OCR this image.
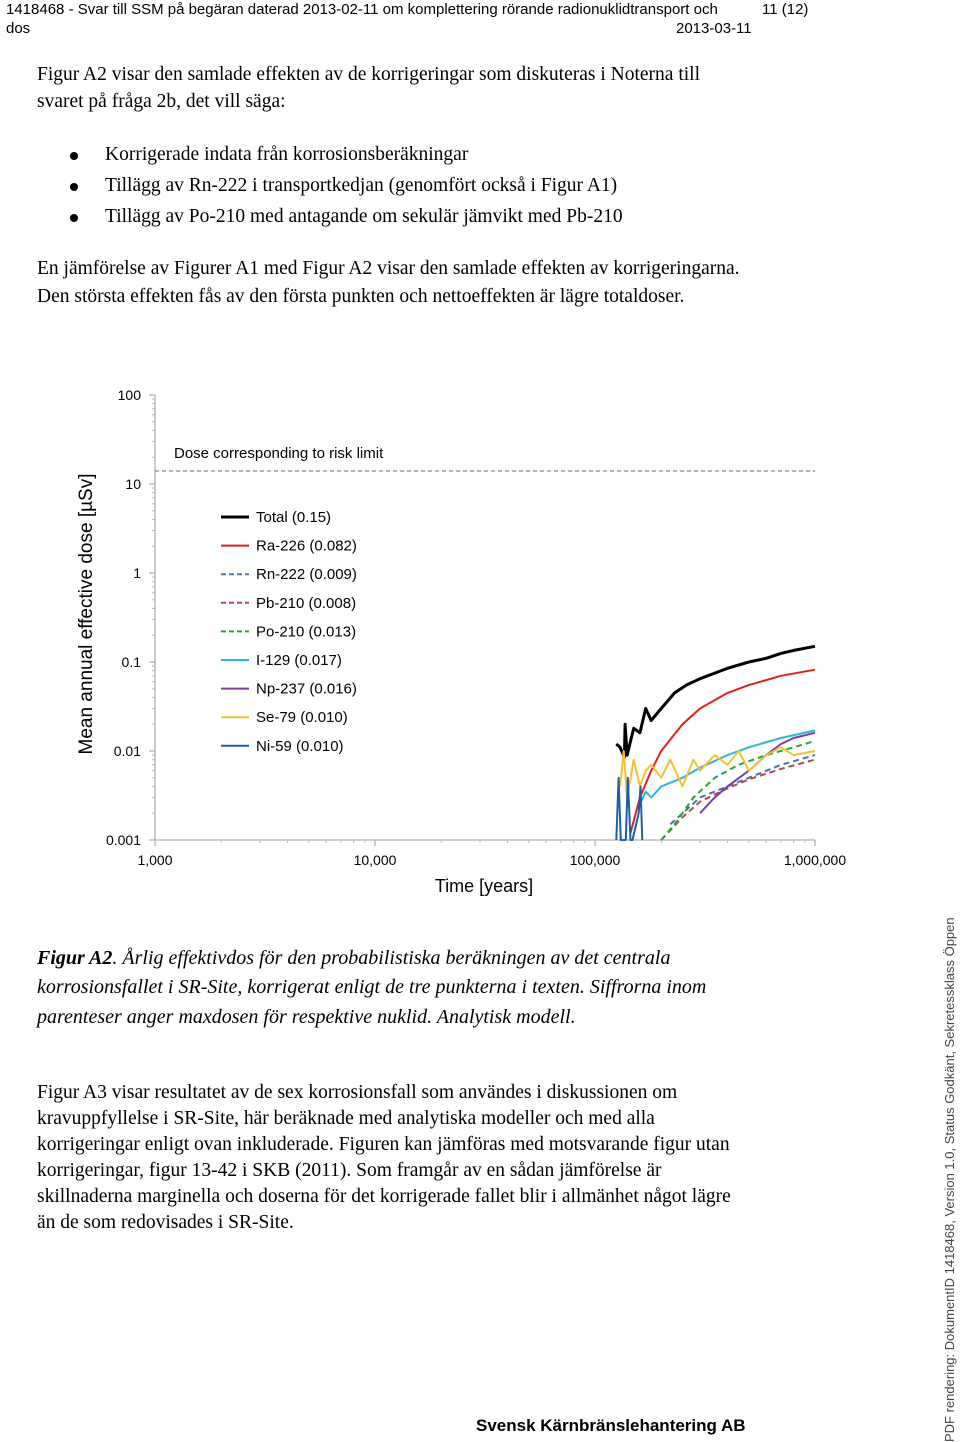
1418468 - Svar till SSM på begäran daterad 2013-02-11 om komplettering rörande radionuklidtransport och
dos	2013-03-11
11 (12)
Figur A2 visar den samlade effekten av de korrigeringar som diskuteras i Noterna till
svaret på fråga 2b, det vill säga:
Korrigerade indata från korrosionsberäkningar
Tillägg av Rn-222 i transportkedjan (genomfört också i Figur A1)
Tillägg av Po-210 med antagande om sekulär jämvikt med Pb-210
En jämförelse av Figurer A1 med Figur A2 visar den samlade effekten av korrigeringarna.
Den största effekten fås av den första punkten och nettoeffekten är lägre totaldoser.
100
10
1
0.1
0.01
0.001
1,000	10,000	100,000	1,000,000
Total (0.15)
Ra-226 (0.082)
Rn-222 (0.009)
Pb-210 (0.008)
Po-210 (0.013)
I-129 (0.017)
Np-237 (0.016)
Se-79 (0.010)
Ni-59 (0.010)
Mean annual effective dose [µSv]
Time [years]
Dose corresponding to risk limit
Figur A2. Årlig effektivdos för den probabilistiska beräkningen av det centrala
korrosionsfallet i SR-Site, korrigerat enligt de tre punkterna i texten. Siffrorna inom
parenteser anger maxdosen för respektive nuklid. Analytisk modell.
Figur A3 visar resultatet av de sex korrosionsfall som användes i diskussionen om
kravuppfyllelse i SR-Site, här beräknade med analytiska modeller och med alla
korrigeringar enligt ovan inkluderade. Figuren kan jämföras med motsvarande figur utan
korrigeringar, figur 13-42 i SKB (2011). Som framgår av en sådan jämförelse är
skillnaderna marginella och doserna för det korrigerade fallet blir i allmänhet något lägre
än de som redovisades i SR-Site.
Svensk Kärnbränslehantering AB	PDF rendering: DokumentID 1418468, Version 1.0, Status Godkänt, Sekretessklass Öppen
